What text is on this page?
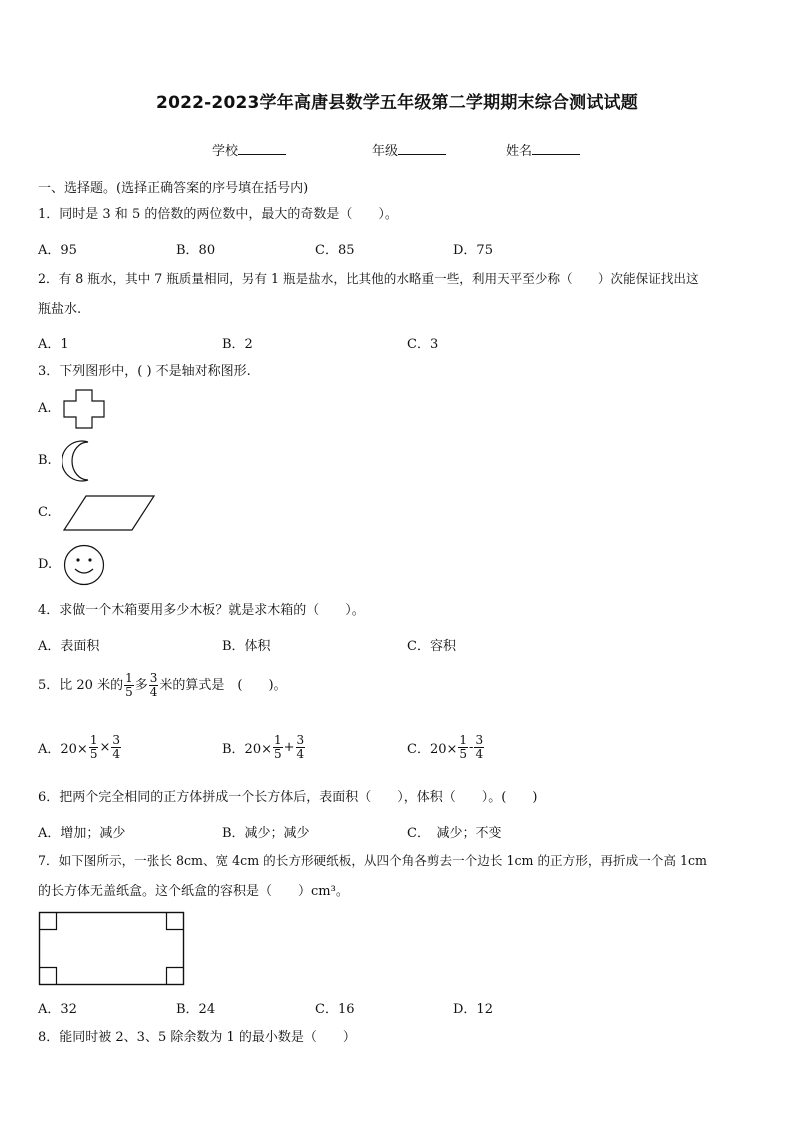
2022-2023学年高唐县数学五年级第二学期期末综合测试试题
学校	年级	姓名
一、选择题。(选择正确答案的序号填在括号内)
1．同时是 3 和 5 的倍数的两位数中，最大的奇数是（　　）。
A．95	B．80	C．85	D．75
2．有 8 瓶水，其中 7 瓶质量相同，另有 1 瓶是盐水，比其他的水略重一些，利用天平至少称（　　）次能保证找出这
瓶盐水.
A．1	B．2	C．3
3．下列图形中，( ) 不是轴对称图形.
A.
B.
C.
D.
4．求做一个木箱要用多少木板？就是求木箱的（　　）。
A．表面积	B．体积	C．容积
5．比 20 米的 $\frac{1}{5}$ 多 $\frac{3}{4}$ 米的算式是　(　　)。
A．$20\times \frac{1}{5} \times \frac{3}{4}$	B．$20\times \frac{1}{5} + \frac{3}{4}$	C．$20\times \frac{1}{5} - \frac{3}{4}$
6．把两个完全相同的正方体拼成一个长方体后，表面积（　　），体积（　　）。(　　)
A．增加；减少	B．减少；减少	C．　减少；不变
7．如下图所示，一张长 8cm、宽 4cm 的长方形硬纸板，从四个角各剪去一个边长 1cm 的正方形，再折成一个高 1cm
的长方体无盖纸盒。这个纸盒的容积是（　　）cm³。
A．32	B．24	C．16	D．12
8．能同时被 2、3、5 除余数为 1 的最小数是（　　）
